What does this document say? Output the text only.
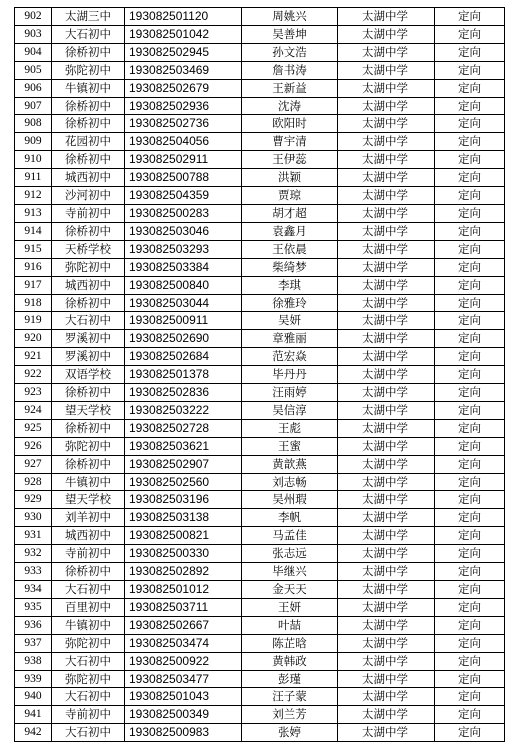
902	太湖三中	193082501120	周姚兴	太湖中学	定向
903	大石初中	193082501042	吴善坤	太湖中学	定向
904	徐桥初中	193082502945	孙文浩	太湖中学	定向
905	弥陀初中	193082503469	詹书涛	太湖中学	定向
906	牛镇初中	193082502679	王新益	太湖中学	定向
907	徐桥初中	193082502936	沈涛	太湖中学	定向
908	徐桥初中	193082502736	欧阳时	太湖中学	定向
909	花园初中	193082504056	曹宇清	太湖中学	定向
910	徐桥初中	193082502911	王伊蕊	太湖中学	定向
911	城西初中	193082500788	洪颖	太湖中学	定向
912	沙河初中	193082504359	贾琼	太湖中学	定向
913	寺前初中	193082500283	胡才超	太湖中学	定向
914	徐桥初中	193082503046	袁鑫月	太湖中学	定向
915	天桥学校	193082503293	王依晨	太湖中学	定向
916	弥陀初中	193082503384	柴绮梦	太湖中学	定向
917	城西初中	193082500840	李琪	太湖中学	定向
918	徐桥初中	193082503044	徐雅玲	太湖中学	定向
919	大石初中	193082500911	吴妍	太湖中学	定向
920	罗溪初中	193082502690	章雅丽	太湖中学	定向
921	罗溪初中	193082502684	范宏焱	太湖中学	定向
922	双语学校	193082501378	毕丹丹	太湖中学	定向
923	徐桥初中	193082502836	汪雨婷	太湖中学	定向
924	望天学校	193082503222	吴信淳	太湖中学	定向
925	徐桥初中	193082502728	王彪	太湖中学	定向
926	弥陀初中	193082503621	王蜜	太湖中学	定向
927	徐桥初中	193082502907	黄歆燕	太湖中学	定向
928	牛镇初中	193082502560	刘志畅	太湖中学	定向
929	望天学校	193082503196	吴州瑕	太湖中学	定向
930	刘羊初中	193082503138	李帆	太湖中学	定向
931	城西初中	193082500821	马孟佳	太湖中学	定向
932	寺前初中	193082500330	张志远	太湖中学	定向
933	徐桥初中	193082502892	毕继兴	太湖中学	定向
934	大石初中	193082501012	金天天	太湖中学	定向
935	百里初中	193082503711	王妍	太湖中学	定向
936	牛镇初中	193082502667	叶喆	太湖中学	定向
937	弥陀初中	193082503474	陈芷晗	太湖中学	定向
938	大石初中	193082500922	黄韩政	太湖中学	定向
939	弥陀初中	193082503477	彭瑾	太湖中学	定向
940	大石初中	193082501043	汪子蒙	太湖中学	定向
941	寺前初中	193082500349	刘兰芳	太湖中学	定向
942	大石初中	193082500983	张婷	太湖中学	定向
